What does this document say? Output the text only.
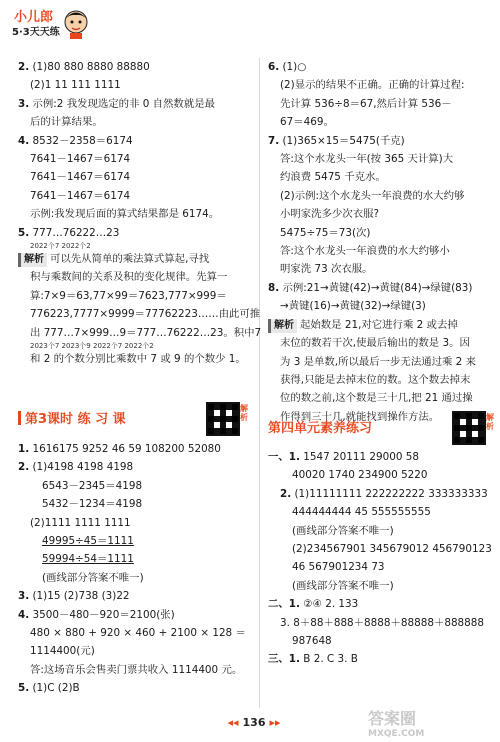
小儿郎
5·3天天练
2. (1)80 880 8880 88880
(2)1 11 111 1111
3. 示例:2 我发现选定的非 0 自然数就是最
后的计算结果。
4. 8532－2358＝6174
7641－1467＝6174
7641－1467＝6174
7641－1467＝6174
示例:我发现后面的算式结果都是 6174。
5. 777…76222…23
2022个7 2022个2
解析 可以先从简单的乘法算式算起,寻找
积与乘数间的关系及积的变化规律。先算一
算:7×9＝63,77×99＝7623,777×999＝
776223,7777×9999＝77762223……由此可推
出 777…7×999…9＝777…76222…23。积中7
2023个7 2023个9 2022个7 2022个2
和 2 的个数分别比乘数中 7 或 9 的个数少 1。
第3课时 练 习 课
解析
1. 1616175 9252 46 59 108200 52080
2. (1)4198 4198 4198
6543－2345＝4198
5432－1234＝4198
(2)1111 1111 1111
49995÷45＝1111
59994÷54＝1111
(画线部分答案不唯一)
3. (1)15 (2)738 (3)22
4. 3500－480－920＝2100(张)
480 × 880 + 920 × 460 + 2100 × 128 ＝
1114400(元)
答:这场音乐会售卖门票共收入 1114400 元。
5. (1)C (2)B
6. (1)○
(2)显示的结果不正确。正确的计算过程:
先计算 536÷8＝67,然后计算 536－
67＝469。
7. (1)365×15＝5475(千克)
答:这个水龙头一年(按 365 天计算)大
约浪费 5475 千克水。
(2)示例:这个水龙头一年浪费的水大约够
小明家洗多少次衣服?
5475÷75＝73(次)
答:这个水龙头一年浪费的水大约够小
明家洗 73 次衣服。
8. 示例:21→黄键(42)→黄键(84)→绿键(83)
→黄键(16)→黄键(32)→绿键(3)
解析 起始数是 21,对它进行乘 2 或去掉
末位的数若干次,使最后输出的数是 3。因
为 3 是单数,所以最后一步无法通过乘 2 来
获得,只能是去掉末位的数。这个数去掉末
位的数之前,这个数是三十几,把 21 通过操
作得到三十几,就能找到操作方法。
第四单元素养练习
解析
一、1. 1547 20111 29000 58
40020 1740 234900 5220
2. (1)11111111 222222222 333333333
444444444 45 555555555
(画线部分答案不唯一)
(2)234567901 345679012 456790123
46 567901234 73
(画线部分答案不唯一)
二、1. ②④ 2. 133
3. 8＋88＋888＋8888＋88888＋888888
987648
三、1. B 2. C 3. B
◂◂ 136 ▸▸	答案圈
MXQE.COM
